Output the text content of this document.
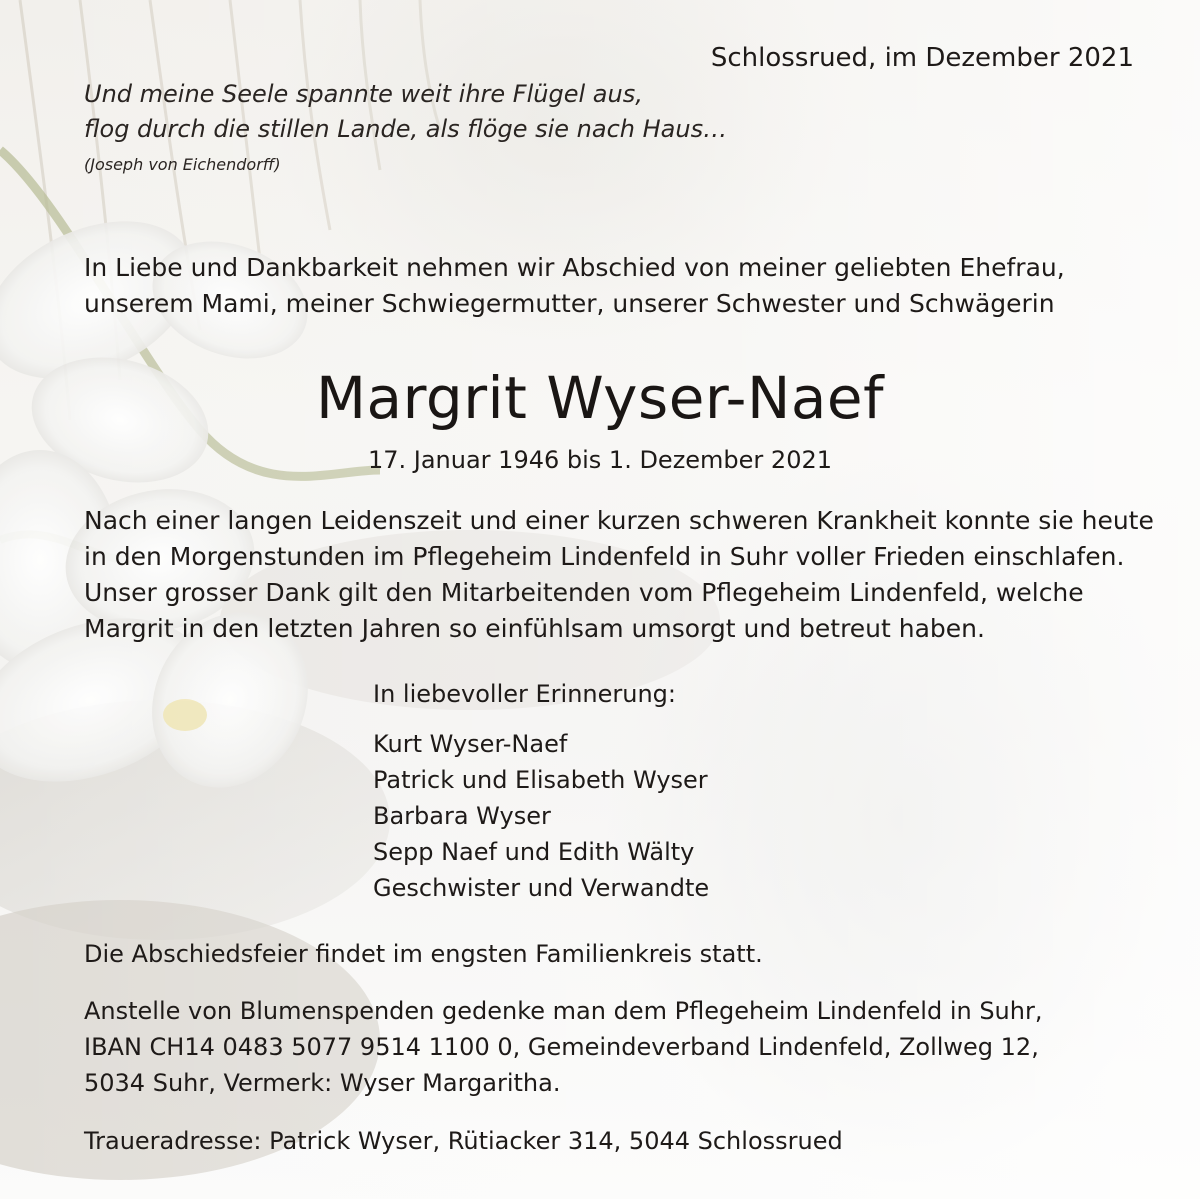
Schlossrued, im Dezember 2021
Und meine Seele spannte weit ihre Flügel aus,
flog durch die stillen Lande, als flöge sie nach Haus…
(Joseph von Eichendorff)
In Liebe und Dankbarkeit nehmen wir Abschied von meiner geliebten Ehefrau,
unserem Mami, meiner Schwiegermutter, unserer Schwester und Schwägerin
Margrit Wyser-Naef
17. Januar 1946 bis 1. Dezember 2021
Nach einer langen Leidenszeit und einer kurzen schweren Krankheit konnte sie heute
in den Morgenstunden im Pflegeheim Lindenfeld in Suhr voller Frieden einschlafen.
Unser grosser Dank gilt den Mitarbeitenden vom Pflegeheim Lindenfeld, welche
Margrit in den letzten Jahren so einfühlsam umsorgt und betreut haben.
In liebevoller Erinnerung:
Kurt Wyser-Naef
Patrick und Elisabeth Wyser
Barbara Wyser
Sepp Naef und Edith Wälty
Geschwister und Verwandte
Die Abschiedsfeier findet im engsten Familienkreis statt.
Anstelle von Blumenspenden gedenke man dem Pflegeheim Lindenfeld in Suhr,
IBAN CH14 0483 5077 9514 1100 0, Gemeindeverband Lindenfeld, Zollweg 12,
5034 Suhr, Vermerk: Wyser Margaritha.
Traueradresse: Patrick Wyser, Rütiacker 314, 5044 Schlossrued
